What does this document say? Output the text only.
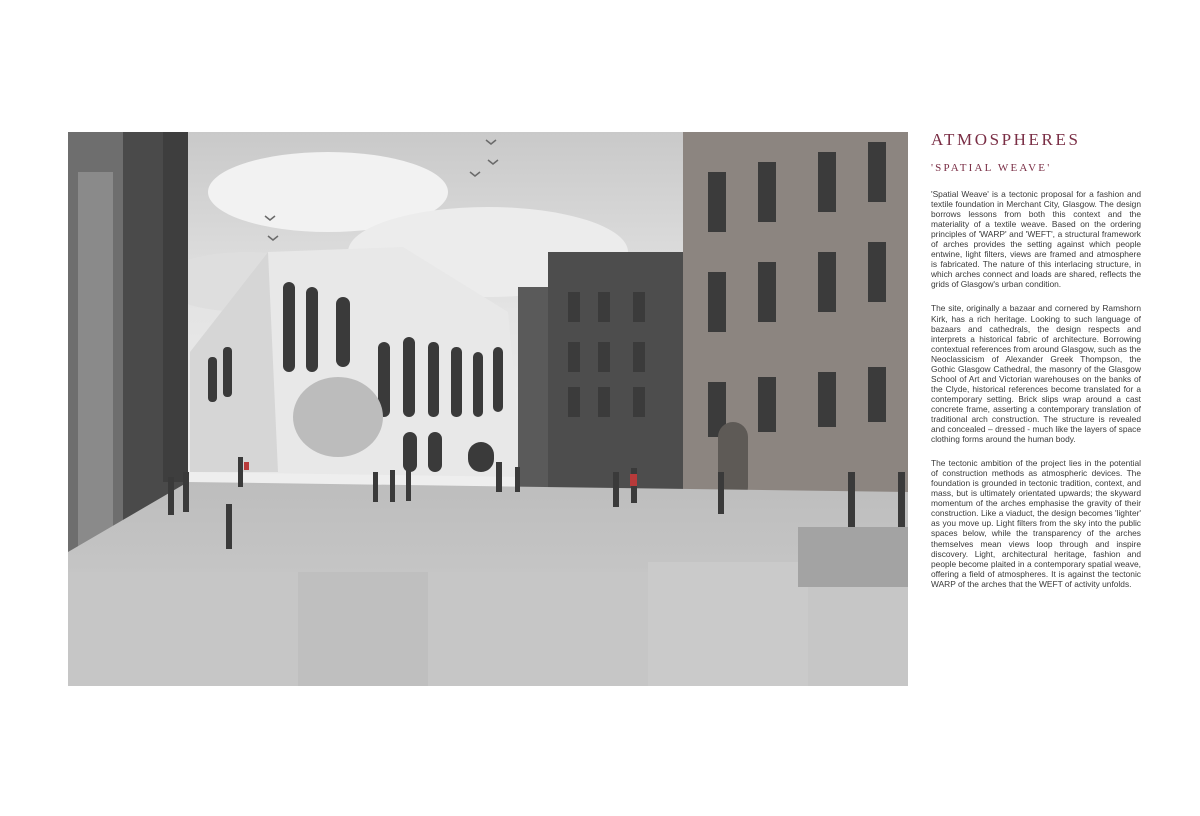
ATMOSPHERES
'SPATIAL WEAVE'

'Spatial Weave' is a tectonic proposal for a fashion and textile foundation in Merchant City, Glasgow. The design borrows lessons from both this context and the materiality of a textile weave. Based on the ordering principles of 'WARP' and 'WEFT', a structural framework of arches provides the setting against which people entwine, light filters, views are framed and atmosphere is fabricated. The nature of this interlacing structure, in which arches connect and loads are shared, reflects the grids of Glasgow's urban condition.

The site, originally a bazaar and cornered by Ramshorn Kirk, has a rich heritage. Looking to such language of bazaars and cathedrals, the design respects and interprets a historical fabric of architecture. Borrowing contextual references from around Glasgow, such as the Neoclassicism of Alexander Greek Thompson, the Gothic Glasgow Cathedral, the masonry of the Glasgow School of Art and Victorian warehouses on the banks of the Clyde, historical references become translated for a contemporary setting. Brick slips wrap around a cast concrete frame, asserting a contemporary translation of traditional arch construction. The structure is revealed and concealed – dressed - much like the layers of space clothing forms around the human body.

The tectonic ambition of the project lies in the potential of construction methods as atmospheric devices. The foundation is grounded in tectonic tradition, context, and mass, but is ultimately orientated upwards; the skyward momentum of the arches emphasise the gravity of their construction. Like a viaduct, the design becomes 'lighter' as you move up. Light filters from the sky into the public spaces below, while the transparency of the arches themselves mean views loop through and inspire discovery. Light, architectural heritage, fashion and people become plaited in a contemporary spatial weave, offering a field of atmospheres. It is against the tectonic WARP of the arches that the WEFT of activity unfolds.
